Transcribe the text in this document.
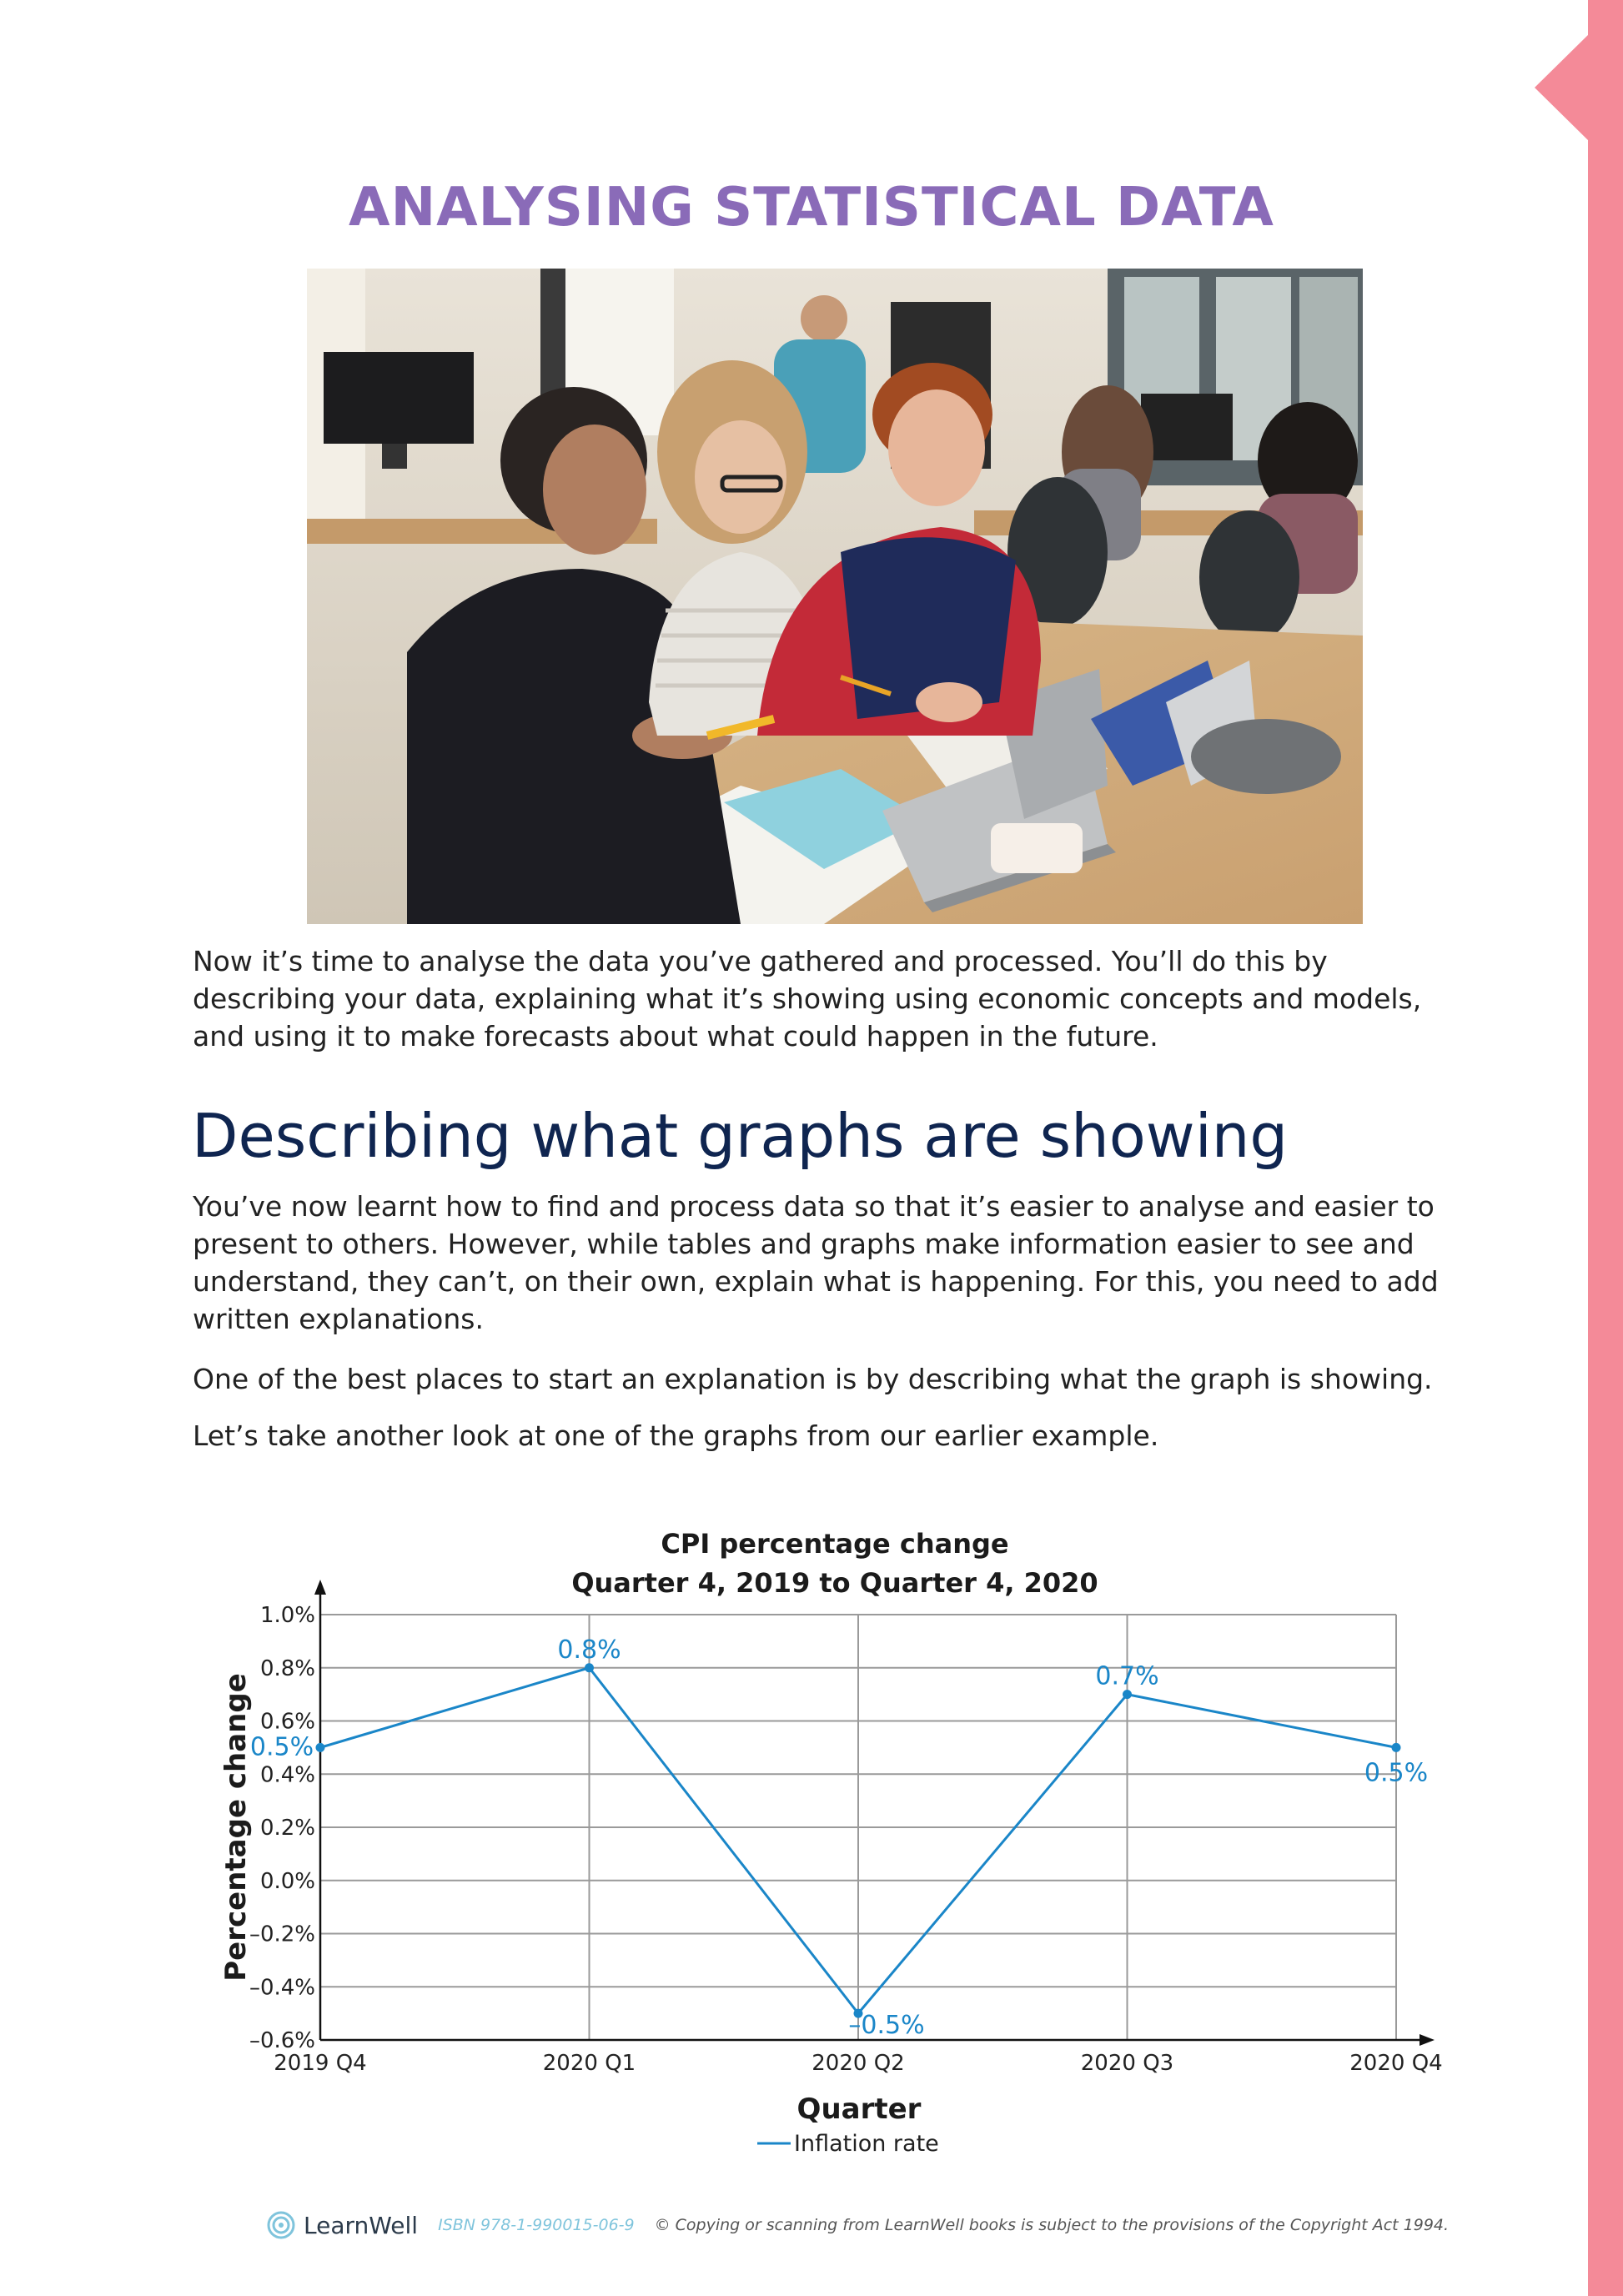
ANALYSING STATISTICAL DATA

Now it’s time to analyse the data you’ve gathered and processed. You’ll do this by describing your data, explaining what it’s showing using economic concepts and models, and using it to make forecasts about what could happen in the future.

Describing what graphs are showing

You’ve now learnt how to find and process data so that it’s easier to analyse and easier to present to others. However, while tables and graphs make information easier to see and understand, they can’t, on their own, explain what is happening. For this, you need to add written explanations.

One of the best places to start an explanation is by describing what the graph is showing.

Let’s take another look at one of the graphs from our earlier example.

CPI percentage change
Quarter 4, 2019 to Quarter 4, 2020
1.0%
0.8%
0.6%
0.4%
0.2%
0.0%
–0.2%
–0.4%
–0.6%
2019 Q4	2020 Q1	2020 Q2	2020 Q3	2020 Q4
Quarter
Percentage change
0.5%
0.8%
–0.5%
0.7%
0.5%
Inflation rate
LearnWell ISBN 978-1-990015-06-9 © Copying or scanning from LearnWell books is subject to the provisions of the Copyright Act 1994.
